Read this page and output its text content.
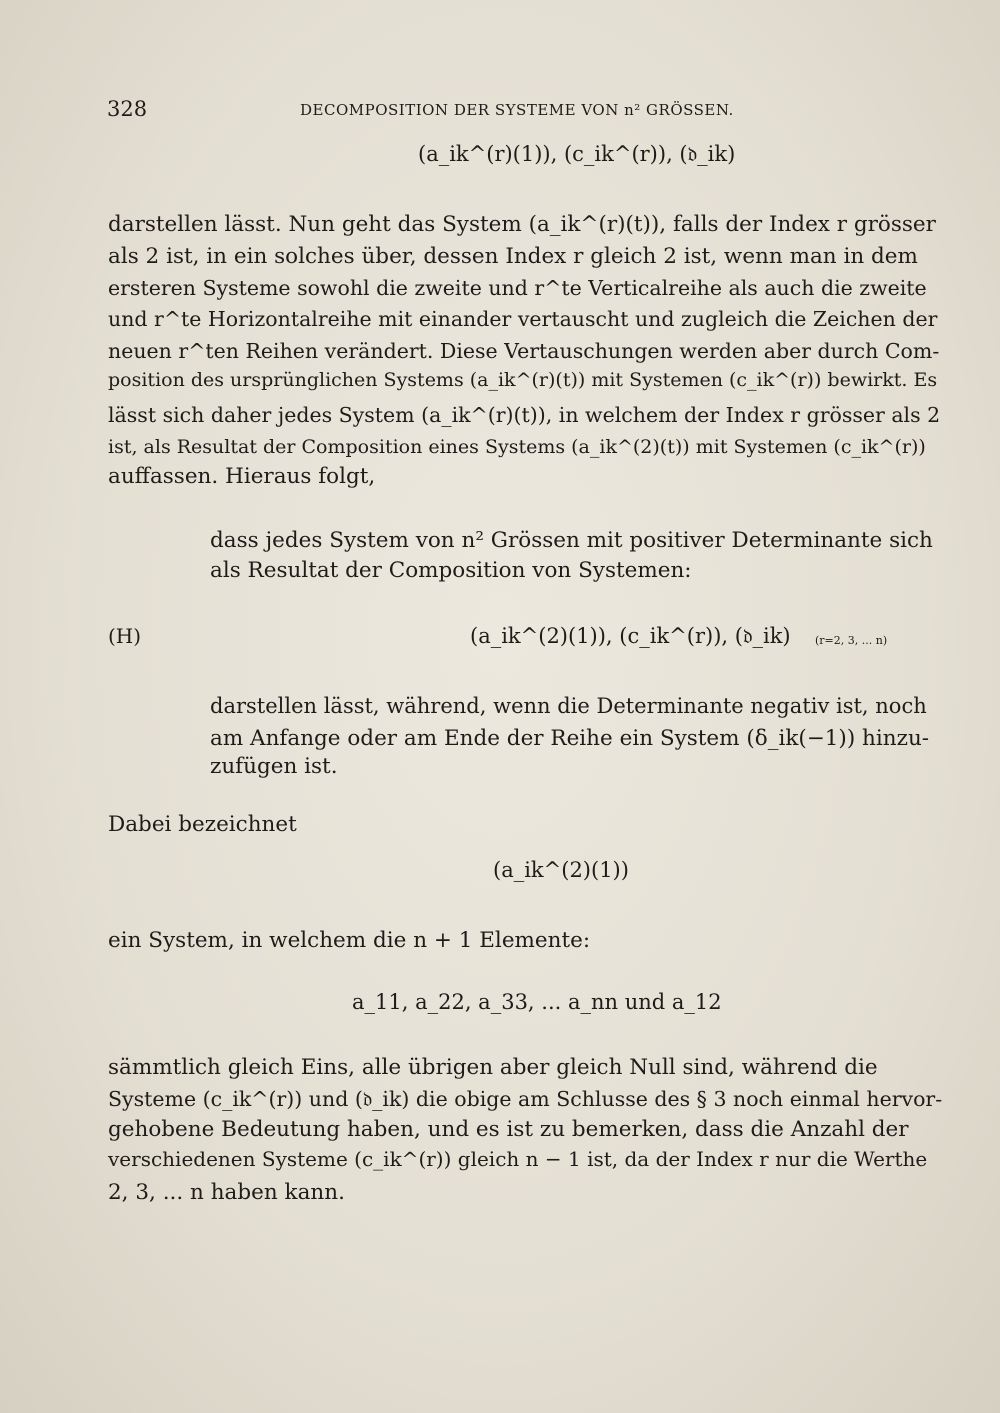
328	DECOMPOSITION DER SYSTEME VON n² GRÖSSEN.
(a_ik^(r)(1)), (c_ik^(r)), (𝔡_ik)
darstellen lässt. Nun geht das System (a_ik^(r)(t)), falls der Index r grösser
als 2 ist, in ein solches über, dessen Index r gleich 2 ist, wenn man in dem
ersteren Systeme sowohl die zweite und r^te Verticalreihe als auch die zweite
und r^te Horizontalreihe mit einander vertauscht und zugleich die Zeichen der
neuen r^ten Reihen verändert. Diese Vertauschungen werden aber durch Com-
position des ursprünglichen Systems (a_ik^(r)(t)) mit Systemen (c_ik^(r)) bewirkt. Es
lässt sich daher jedes System (a_ik^(r)(t)), in welchem der Index r grösser als 2
ist, als Resultat der Composition eines Systems (a_ik^(2)(t)) mit Systemen (c_ik^(r))
auffassen. Hieraus folgt,
dass jedes System von n² Grössen mit positiver Determinante sich
als Resultat der Composition von Systemen:
(H)	(a_ik^(2)(1)), (c_ik^(r)), (𝔡_ik) (r=2, 3, ... n)
darstellen lässt, während, wenn die Determinante negativ ist, noch
am Anfange oder am Ende der Reihe ein System (δ_ik(−1)) hinzu-
zufügen ist.
Dabei bezeichnet
(a_ik^(2)(1))
ein System, in welchem die n + 1 Elemente:
a_11, a_22, a_33, ... a_nn und a_12
sämmtlich gleich Eins, alle übrigen aber gleich Null sind, während die
Systeme (c_ik^(r)) und (𝔡_ik) die obige am Schlusse des § 3 noch einmal hervor-
gehobene Bedeutung haben, und es ist zu bemerken, dass die Anzahl der
verschiedenen Systeme (c_ik^(r)) gleich n − 1 ist, da der Index r nur die Werthe
2, 3, ... n haben kann.
